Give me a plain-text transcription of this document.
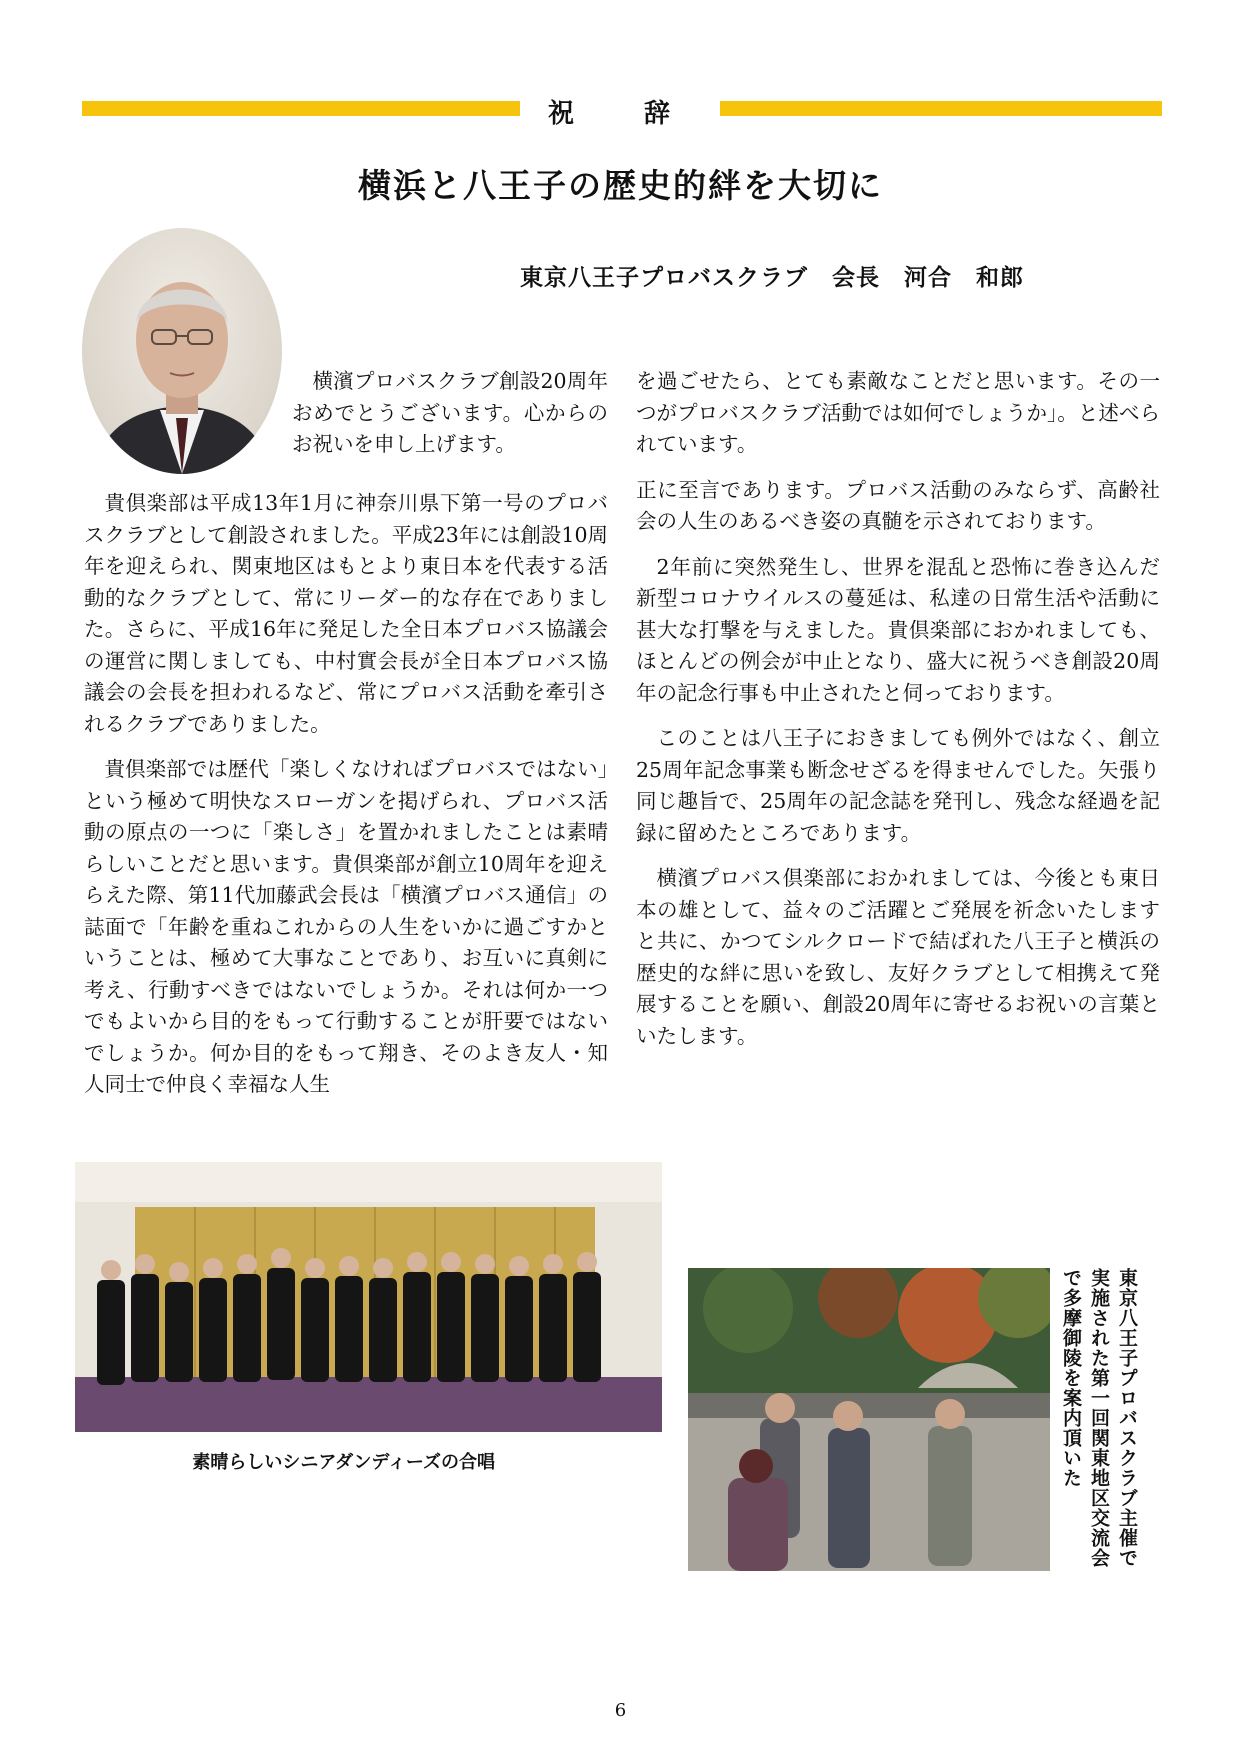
祝　辞
横浜と八王子の歴史的絆を大切に
東京八王子プロバスクラブ　会長　河合　和郎

横濱プロバスクラブ創設20周年おめでとうございます。心からのお祝いを申し上げます。

貴倶楽部は平成13年1月に神奈川県下第一号のプロバスクラブとして創設されました。平成23年には創設10周年を迎えられ、関東地区はもとより東日本を代表する活動的なクラブとして、常にリーダー的な存在でありました。さらに、平成16年に発足した全日本プロバス協議会の運営に関しましても、中村實会長が全日本プロバス協議会の会長を担われるなど、常にプロバス活動を牽引されるクラブでありました。

貴倶楽部では歴代「楽しくなければプロバスではない」という極めて明快なスローガンを掲げられ、プロバス活動の原点の一つに「楽しさ」を置かれましたことは素晴らしいことだと思います。貴倶楽部が創立10周年を迎えらえた際、第11代加藤武会長は「横濱プロバス通信」の誌面で「年齢を重ねこれからの人生をいかに過ごすかということは、極めて大事なことであり、お互いに真剣に考え、行動すべきではないでしょうか。それは何か一つでもよいから目的をもって行動することが肝要ではないでしょうか。何か目的をもって翔き、そのよき友人・知人同士で仲良く幸福な人生

を過ごせたら、とても素敵なことだと思います。その一つがプロバスクラブ活動では如何でしょうか」。と述べられています。

正に至言であります。プロバス活動のみならず、高齢社会の人生のあるべき姿の真髄を示されております。

2年前に突然発生し、世界を混乱と恐怖に巻き込んだ新型コロナウイルスの蔓延は、私達の日常生活や活動に甚大な打撃を与えました。貴倶楽部におかれましても、ほとんどの例会が中止となり、盛大に祝うべき創設20周年の記念行事も中止されたと伺っております。

このことは八王子におきましても例外ではなく、創立25周年記念事業も断念せざるを得ませんでした。矢張り同じ趣旨で、25周年の記念誌を発刊し、残念な経過を記録に留めたところであります。

横濱プロバス倶楽部におかれましては、今後とも東日本の雄として、益々のご活躍とご発展を祈念いたしますと共に、かつてシルクロードで結ばれた八王子と横浜の歴史的な絆に思いを致し、友好クラブとして相携えて発展することを願い、創設20周年に寄せるお祝いの言葉といたします。

素晴らしいシニアダンディーズの合唱	東京八王子プロバスクラブ主催で実施された第一回関東地区交流会で多摩御陵を案内頂いた
6
